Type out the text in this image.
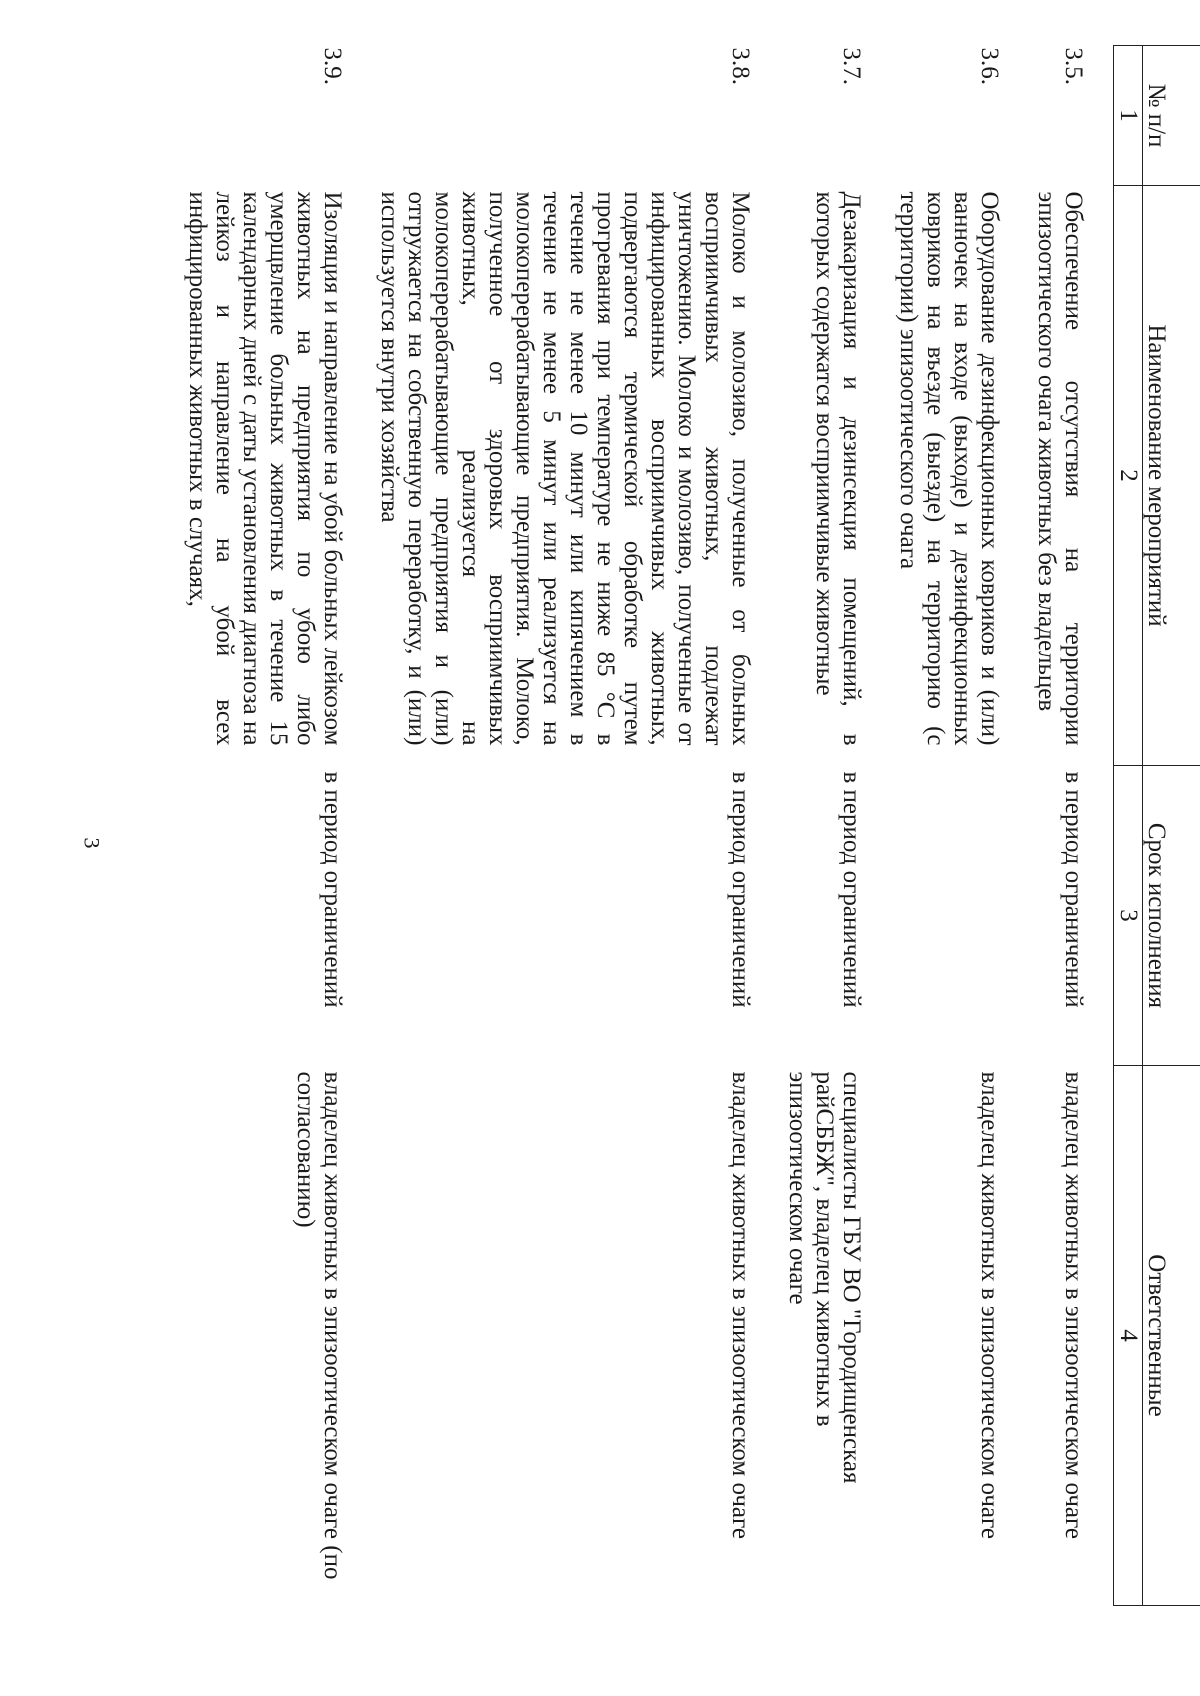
3
№ п/п	Наименование мероприятий	Срок исполнения	Ответственные
1	2	3	4

3.5.	Обеспечение отсутствия на территории эпизоотического очага животных без владельцев	в период ограничений	владелец животных в эпизоотическом очаге
3.6.	Оборудование дезинфекционных ковриков и (или) ванночек на входе (выходе) и дезинфекционных ковриков на въезде (выезде) на территорию (с территории) эпизоотического очага		владелец животных в эпизоотическом очаге
3.7.	Дезакаризация и дезинсекция помещений, в которых содержатся восприимчивые животные	в период ограничений	специалисты ГБУ ВО "Городищенская райСББЖ", владелец животных в эпизоотическом очаге
3.8.	Молоко и молозиво, полученные от больных восприимчивых животных, подлежат уничтожению. Молоко и молозиво, полученные от инфицированных восприимчивых животных, подвергаются термической обработке путем прогревания при температуре не ниже 85 °С в течение не менее 10 минут или кипячением в течение не менее 5 минут или реализуется на молокоперерабатывающие предприятия. Молоко, полученное от здоровых восприимчивых животных, реализуется на молокоперерабатывающие предприятия и (или) отгружается на собственную переработку, и (или) используется внутри хозяйства	в период ограничений	владелец животных в эпизоотическом очаге
3.9.	Изоляция и направление на убой больных лейкозом животных на предприятия по убою либо умерщвление больных животных в течение 15 календарных дней с даты установления диагноза на лейкоз и направление на убой всех инфицированных животных в случаях,	в период ограничений	владелец животных в эпизоотическом очаге (по согласованию)
